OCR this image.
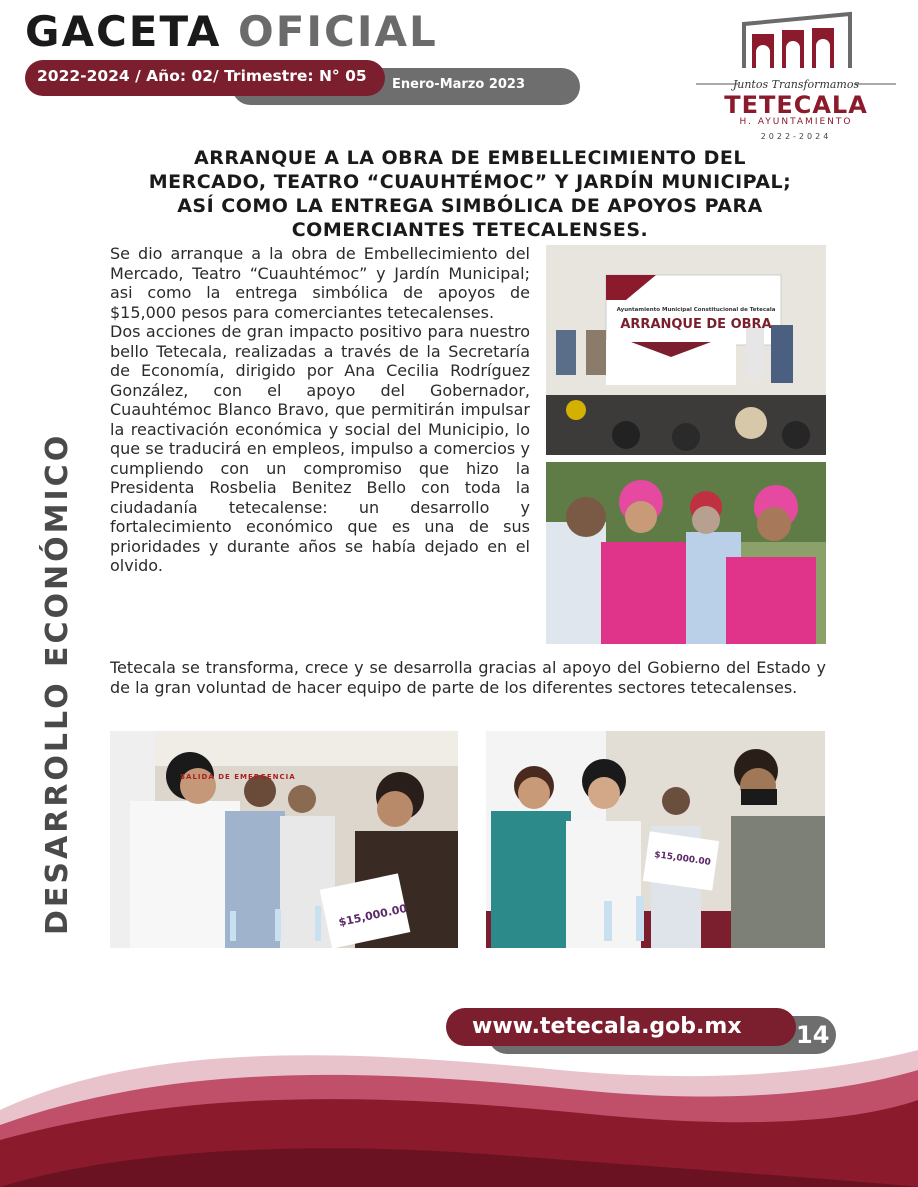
GACETA OFICIAL
Enero-Marzo 2023
2022-2024 / Año: 02/ Trimestre: N° 05	Juntos Transformamos
TETECALA
H. AYUNTAMIENTO
2022-2024
ARRANQUE A LA OBRA DE EMBELLECIMIENTO DEL MERCADO, TEATRO “CUAUHTÉMOC” Y JARDÍN MUNICIPAL; ASÍ COMO LA ENTREGA SIMBÓLICA DE APOYOS PARA COMERCIANTES TETECALENSES.

Se dio arranque a la obra de Embellecimiento del Mercado, Teatro “Cuauhtémoc” y Jardín Municipal; asi como la entrega simbólica de apoyos de $15,000 pesos para comerciantes tetecalenses.

Dos acciones de gran impacto positivo para nuestro bello Tetecala, realizadas a través de la Secretaría de Economía, dirigido por Ana Cecilia Rodríguez González, con el apoyo del Gobernador, Cuauhtémoc Blanco Bravo, que permitirán impulsar la reactivación económica y social del Municipio, lo que se traducirá en empleos, impulso a comercios y cumpliendo con un compromiso que hizo la Presidenta Rosbelia Benitez Bello con toda la ciudadanía tetecalense: un desarrollo y fortalecimiento económico que es una de sus prioridades y durante años se había dejado en el olvido.

Ayuntamiento Municipal Constitucional de Tetecala
ARRANQUE DE OBRA

Tetecala se transforma, crece y se desarrolla gracias al apoyo del Gobierno del Estado y de la gran voluntad de hacer equipo de parte de los diferentes sectores tetecalenses.

SALIDA DE EMERGENCIA
$15,000.00
$15,000.00
DESARROLLO ECONÓMICO
www.tetecala.gob.mx 14
